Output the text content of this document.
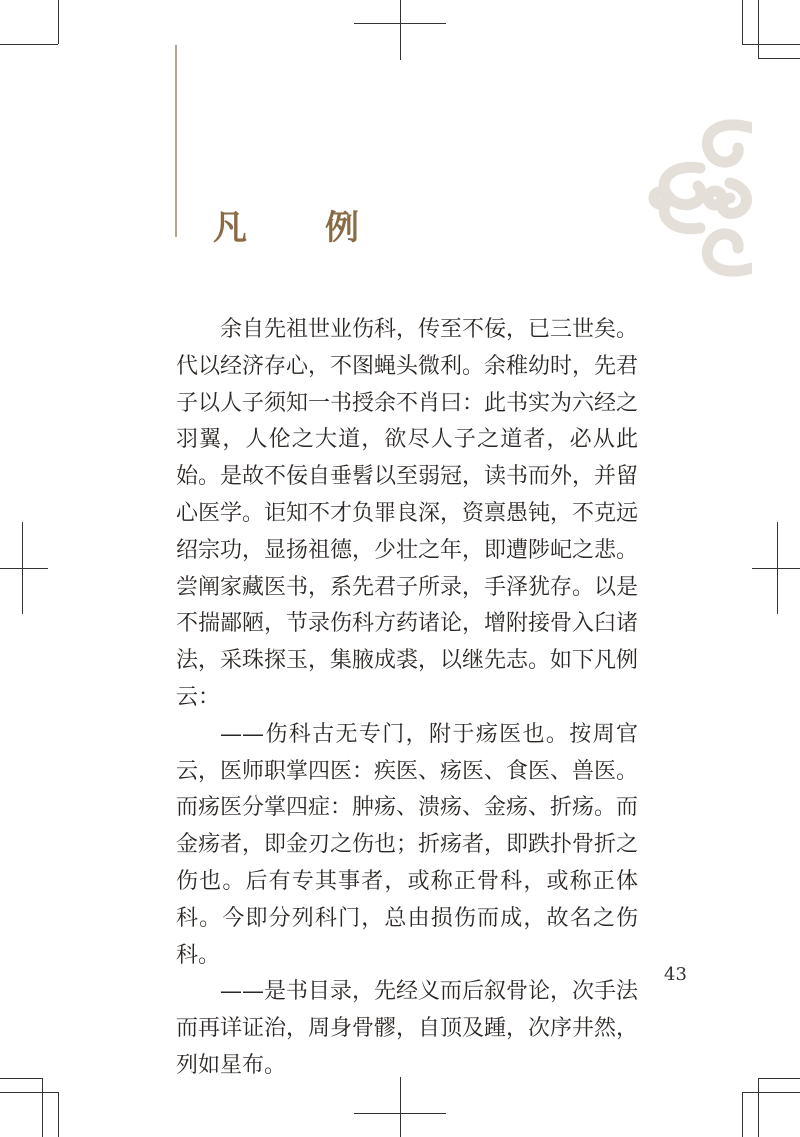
凡　例

余自先祖世业伤科，传至不佞，已三世矣。代以经济存心，不图蝇头微利。余稚幼时，先君子以人子须知一书授余不肖曰：此书实为六经之羽翼，人伦之大道，欲尽人子之道者，必从此始。是故不佞自垂髫以至弱冠，读书而外，并留心医学。讵知不才负罪良深，资禀愚钝，不克远绍宗功，显扬祖德，少壮之年，即遭陟屺之悲。尝阐家藏医书，系先君子所录，手泽犹存。以是不揣鄙陋，节录伤科方药诸论，增附接骨入臼诸法，采珠探玉，集腋成裘，以继先志。如下凡例云：

——伤科古无专门，附于疡医也。按周官云，医师职掌四医：疾医、疡医、食医、兽医。而疡医分掌四症：肿疡、溃疡、金疡、折疡。而金疡者，即金刃之伤也；折疡者，即跌扑骨折之伤也。后有专其事者，或称正骨科，或称正体科。今即分列科门，总由损伤而成，故名之伤科。

——是书目录，先经义而后叙骨论，次手法而再详证治，周身骨髎，自顶及踵，次序井然，列如星布。

43
